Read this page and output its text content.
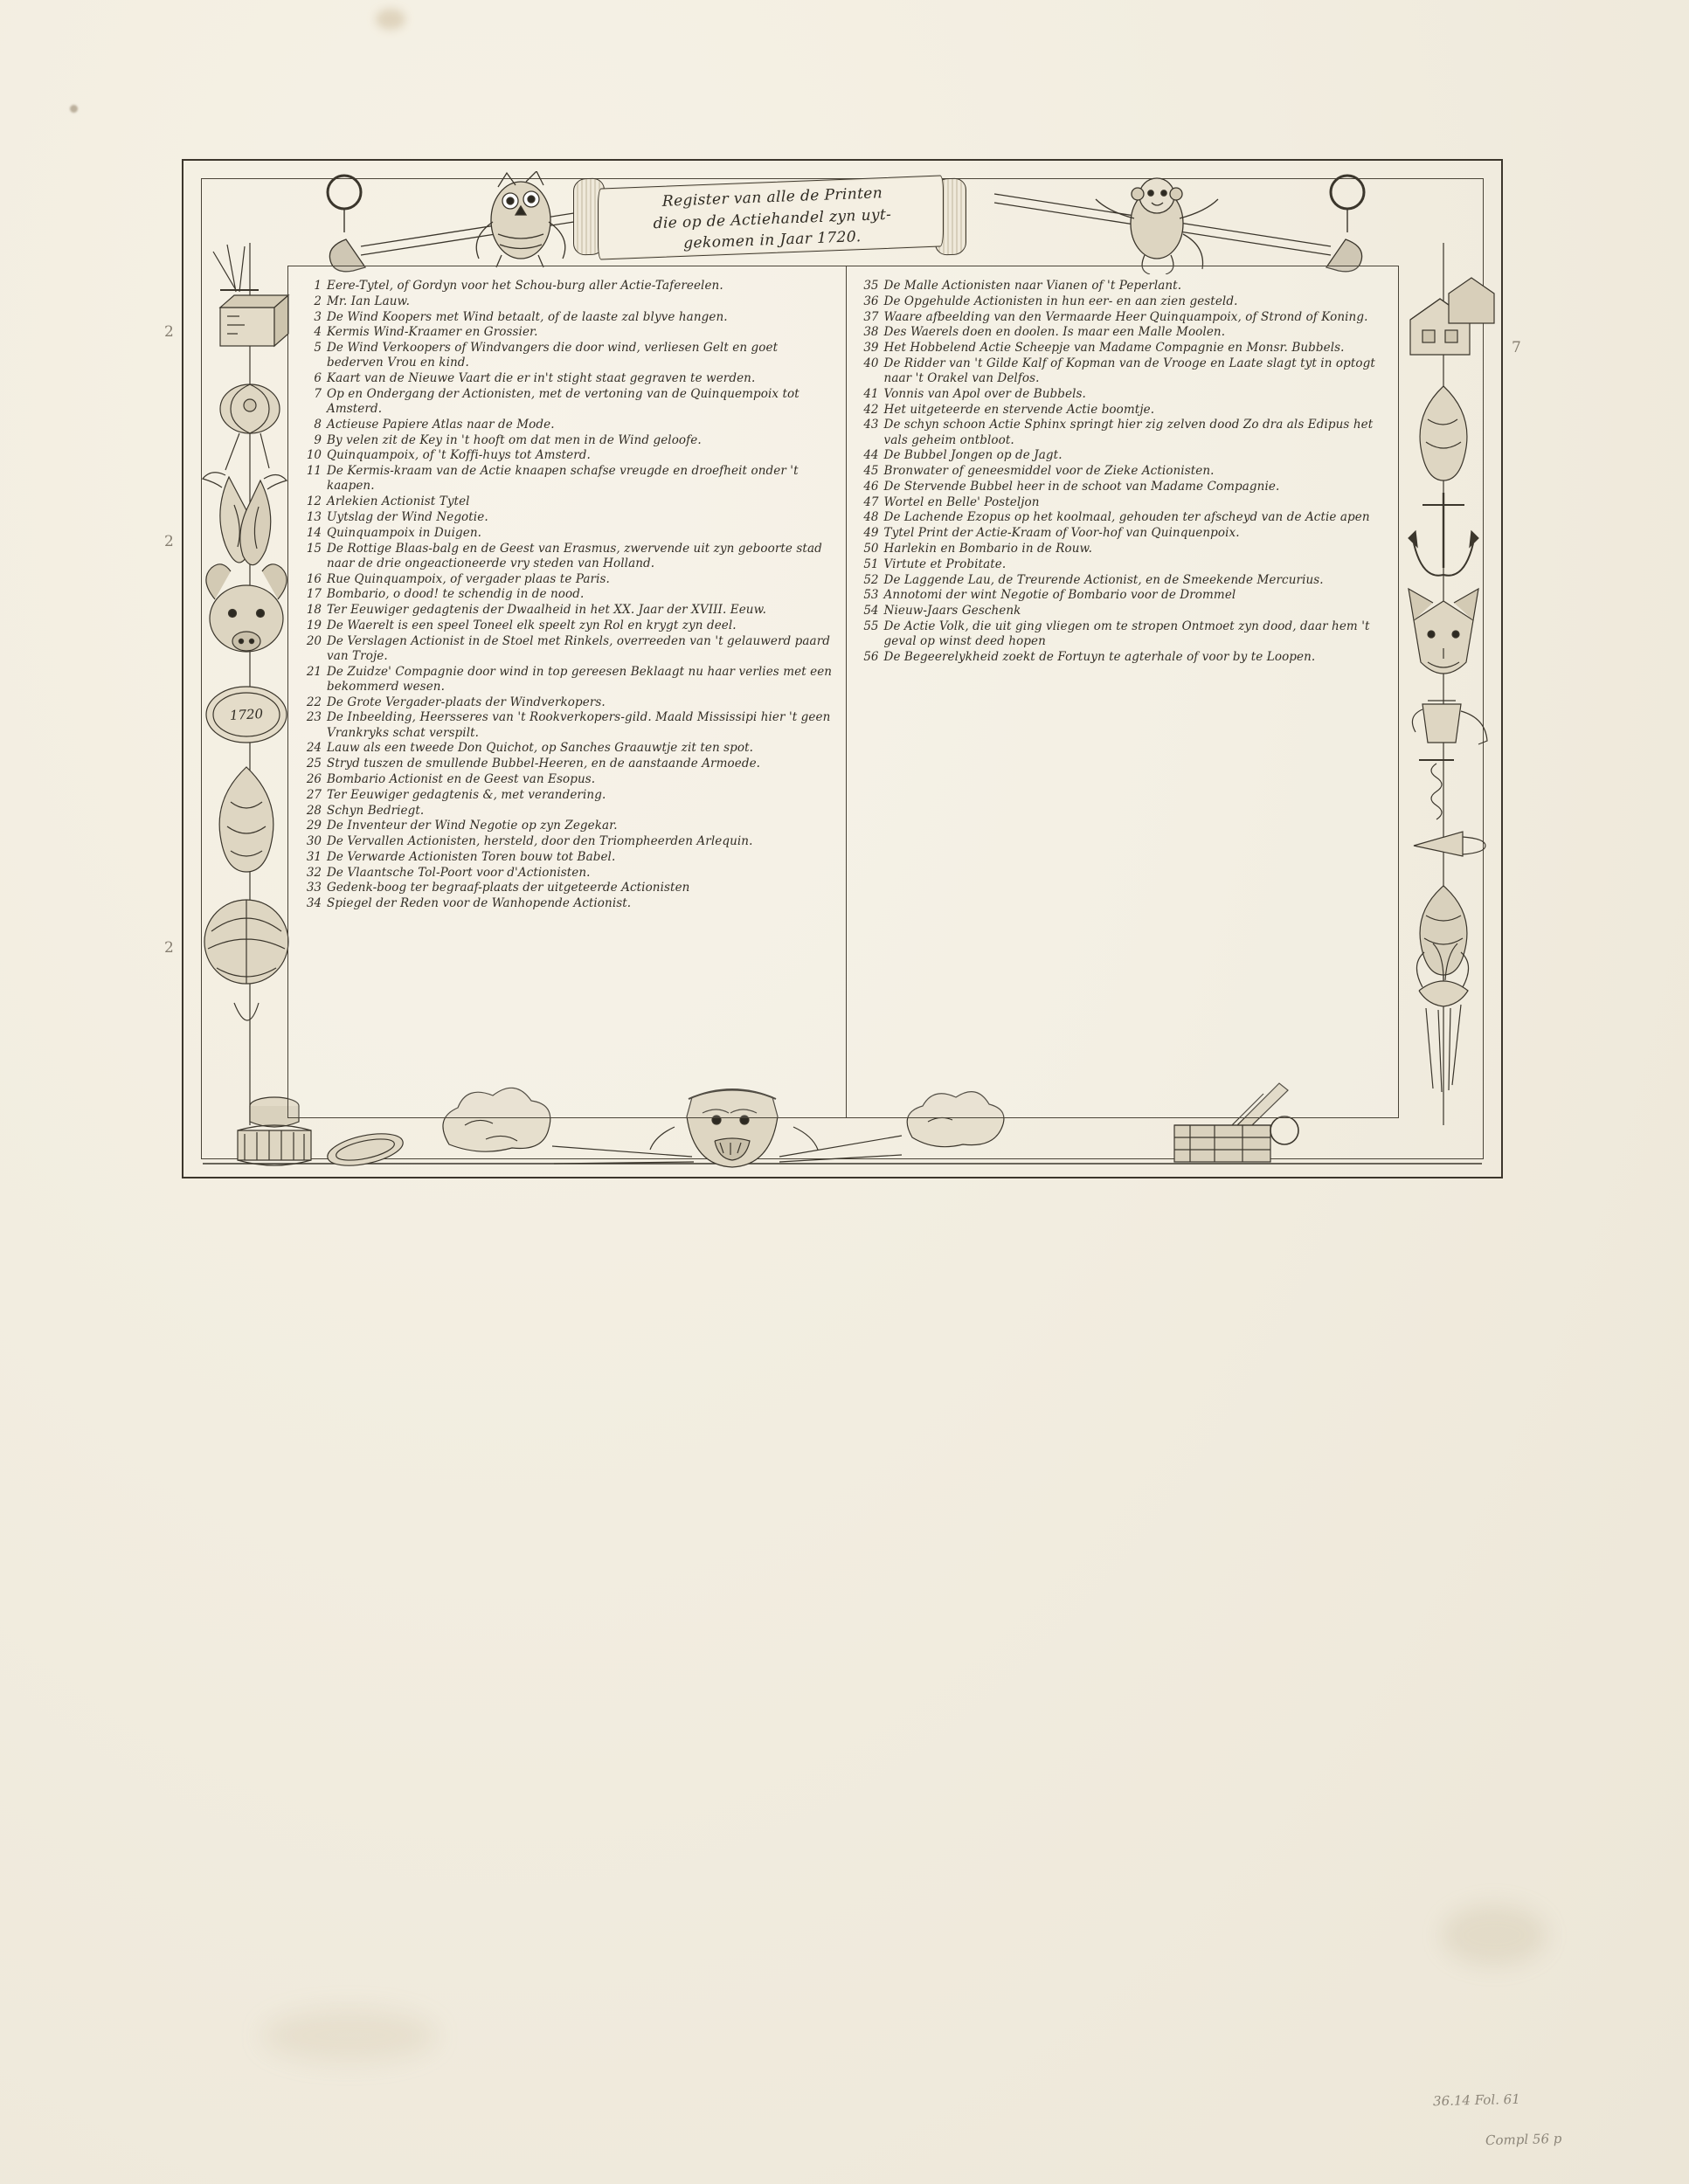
2
2
2
7
36.14 Fol. 61
Compl 56 p
Register van alle de Printen
die op de Actiehandel zyn uyt-
gekomen in Jaar 1720.
1 Eere-Tytel, of Gordyn voor het Schou-burg aller Actie-Tafereelen.
2 Mr. Ian Lauw.
3 De Wind Koopers met Wind betaalt, of de laaste zal blyve hangen.
4 Kermis Wind-Kraamer en Grossier.
5 De Wind Verkoopers of Windvangers die door wind, verliesen Gelt en goet bederven Vrou en kind.
6 Kaart van de Nieuwe Vaart die er in't stight staat gegraven te werden.
7 Op en Ondergang der Actionisten, met de vertoning van de Quinquempoix tot Amsterd.
8 Actieuse Papiere Atlas naar de Mode.
9 By velen zit de Key in 't hooft om dat men in de Wind geloofe.
10 Quinquampoix, of 't Koffi-huys tot Amsterd.
11 De Kermis-kraam van de Actie knaapen schafse vreugde en droefheit onder 't kaapen.
12 Arlekien Actionist Tytel
13 Uytslag der Wind Negotie.
14 Quinquampoix in Duigen.
15 De Rottige Blaas-balg en de Geest van Erasmus, zwervende uit zyn geboorte stad naar de drie ongeactioneerde vry steden van Holland.
16 Rue Quinquampoix, of vergader plaas te Paris.
17 Bombario, o dood! te schendig in de nood.
18 Ter Eeuwiger gedagtenis der Dwaalheid in het XX. Jaar der XVIII. Eeuw.
19 De Waerelt is een speel Toneel elk speelt zyn Rol en krygt zyn deel.
20 De Verslagen Actionist in de Stoel met Rinkels, overreeden van 't gelauwerd paard van Troje.
21 De Zuidze' Compagnie door wind in top gereesen Beklaagt nu haar verlies met een bekommerd wesen.
22 De Grote Vergader-plaats der Windverkopers.
23 De Inbeelding, Heersseres van 't Rookverkopers-gild. Maald Mississipi hier 't geen Vrankryks schat verspilt.
24 Lauw als een tweede Don Quichot, op Sanches Graauwtje zit ten spot.
25 Stryd tuszen de smullende Bubbel-Heeren, en de aanstaande Armoede.
26 Bombario Actionist en de Geest van Esopus.
27 Ter Eeuwiger gedagtenis &, met verandering.
28 Schyn Bedriegt.
29 De Inventeur der Wind Negotie op zyn Zegekar.
30 De Vervallen Actionisten, hersteld, door den Triompheerden Arlequin.
31 De Verwarde Actionisten Toren bouw tot Babel.
32 De Vlaantsche Tol-Poort voor d'Actionisten.
33 Gedenk-boog ter begraaf-plaats der uitgeteerde Actionisten
34 Spiegel der Reden voor de Wanhopende Actionist.
35 De Malle Actionisten naar Vianen of 't Peperlant.
36 De Opgehulde Actionisten in hun eer- en aan zien gesteld.
37 Waare afbeelding van den Vermaarde Heer Quinquampoix, of Strond of Koning.
38 Des Waerels doen en doolen. Is maar een Malle Moolen.
39 Het Hobbelend Actie Scheepje van Madame Compagnie en Monsr. Bubbels.
40 De Ridder van 't Gilde Kalf of Kopman van de Vrooge en Laate slagt tyt in optogt naar 't Orakel van Delfos.
41 Vonnis van Apol over de Bubbels.
42 Het uitgeteerde en stervende Actie boomtje.
43 De schyn schoon Actie Sphinx springt hier zig zelven dood Zo dra als Edipus het vals geheim ontbloot.
44 De Bubbel Jongen op de Jagt.
45 Bronwater of geneesmiddel voor de Zieke Actionisten.
46 De Stervende Bubbel heer in de schoot van Madame Compagnie.
47 Wortel en Belle' Posteljon
48 De Lachende Ezopus op het koolmaal, gehouden ter afscheyd van de Actie apen
49 Tytel Print der Actie-Kraam of Voor-hof van Quinquenpoix.
50 Harlekin en Bombario in de Rouw.
51 Virtute et Probitate.
52 De Laggende Lau, de Treurende Actionist, en de Smeekende Mercurius.
53 Annotomi der wint Negotie of Bombario voor de Drommel
54 Nieuw-Jaars Geschenk
55 De Actie Volk, die uit ging vliegen om te stropen Ontmoet zyn dood, daar hem 't geval op winst deed hopen
56 De Begeerelykheid zoekt de Fortuyn te agterhale of voor by te Loopen.
1720
